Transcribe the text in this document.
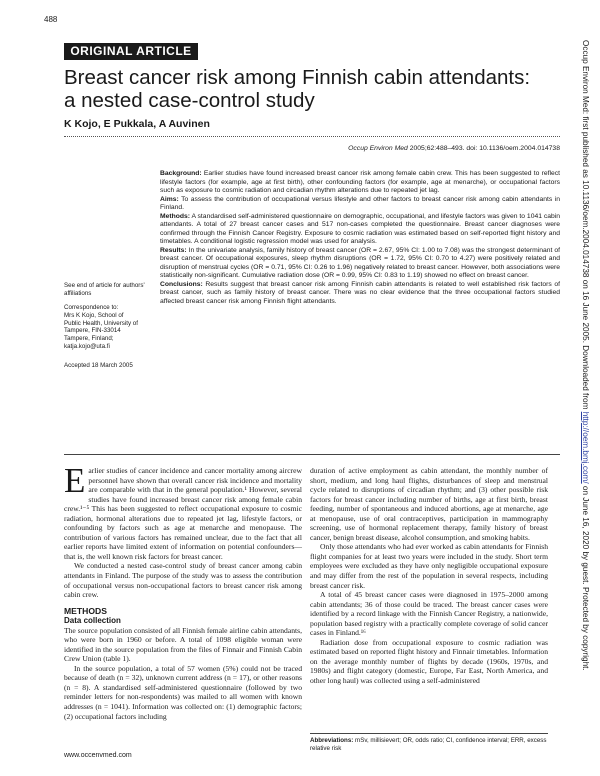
488
ORIGINAL ARTICLE
Breast cancer risk among Finnish cabin attendants: a nested case-control study
K Kojo, E Pukkala, A Auvinen
Occup Environ Med 2005;62:488–493. doi: 10.1136/oem.2004.014738

See end of article for authors' affiliations

Correspondence to:

Mrs K Kojo, School of

Public Health, University of

Tampere, FIN-33014

Tampere, Finland;

katja.kojo@uta.fi

Accepted 18 March 2005

Background: Earlier studies have found increased breast cancer risk among female cabin crew. This has been suggested to reflect lifestyle factors (for example, age at first birth), other confounding factors (for example, age at menarche), or occupational factors such as exposure to cosmic radiation and circadian rhythm alterations due to repeated jet lag.

Aims: To assess the contribution of occupational versus lifestyle and other factors to breast cancer risk among cabin attendants in Finland.

Methods: A standardised self-administered questionnaire on demographic, occupational, and lifestyle factors was given to 1041 cabin attendants. A total of 27 breast cancer cases and 517 non-cases completed the questionnaire. Breast cancer diagnoses were confirmed through the Finnish Cancer Registry. Exposure to cosmic radiation was estimated based on self-reported flight history and timetables. A conditional logistic regression model was used for analysis.

Results: In the univariate analysis, family history of breast cancer (OR = 2.67, 95% CI: 1.00 to 7.08) was the strongest determinant of breast cancer. Of occupational exposures, sleep rhythm disruptions (OR = 1.72, 95% CI: 0.70 to 4.27) were positively related and disruption of menstrual cycles (OR = 0.71, 95% CI: 0.26 to 1.96) negatively related to breast cancer. However, both associations were statistically non-significant. Cumulative radiation dose (OR = 0.99, 95% CI: 0.83 to 1.19) showed no effect on breast cancer.

Conclusions: Results suggest that breast cancer risk among Finnish cabin attendants is related to well established risk factors of breast cancer, such as family history of breast cancer. There was no clear evidence that the three occupational factors studied affected breast cancer risk among Finnish flight attendants.

Earlier studies of cancer incidence and cancer mortality among aircrew personnel have shown that overall cancer risk incidence and mortality are comparable with that in the general population.¹ However, several studies have found increased breast cancer risk among female cabin crew.¹⁻⁵ This has been suggested to reflect occupational exposure to cosmic radiation, hormonal alterations due to repeated jet lag, lifestyle factors, or confounding by factors such as age at menarche and menopause. The contribution of various factors has remained unclear, due to the fact that all earlier reports have limited extent of information on potential confounders—that is, the well known risk factors for breast cancer.

We conducted a nested case-control study of breast cancer among cabin attendants in Finland. The purpose of the study was to assess the contribution of occupational versus non-occupational factors to breast cancer risk among cabin crew.

METHODS
Data collection

The source population consisted of all Finnish female airline cabin attendants, who were born in 1960 or before. A total of 1098 eligible woman were identified in the source population from the files of Finnair and Finnish Cabin Crew Union (table 1).

In the source population, a total of 57 women (5%) could not be traced because of death (n = 32), unknown current address (n = 17), or other reasons (n = 8). A standardised self-administered questionnaire (followed by two reminder letters for non-respondents) was mailed to all women with known addresses (n = 1041). Information was collected on: (1) demographic factors; (2) occupational factors including

duration of active employment as cabin attendant, the monthly number of short, medium, and long haul flights, disturbances of sleep and menstrual cycle related to disruptions of circadian rhythm; and (3) other possible risk factors for breast cancer including number of births, age at first birth, breast feeding, number of spontaneous and induced abortions, age at menarche, age at menopause, use of oral contraceptives, participation in mammography screening, use of hormonal replacement therapy, family history of breast cancer, benign breast disease, alcohol consumption, and smoking habits.

Only those attendants who had ever worked as cabin attendants for Finnish flight companies for at least two years were included in the study. Short term employees were excluded as they have only negligible occupational exposure and may differ from the rest of the population in several respects, including breast cancer risk.

A total of 45 breast cancer cases were diagnosed in 1975–2000 among cabin attendants; 36 of those could be traced. The breast cancer cases were identified by a record linkage with the Finnish Cancer Registry, a nationwide, population based registry with a practically complete coverage of solid cancer cases in Finland.¹⁶

Radiation dose from occupational exposure to cosmic radiation was estimated based on reported flight history and Finnair timetables. Information on the average monthly number of flights by decade (1960s, 1970s, and 1980s) and flight category (domestic, Europe, Far East, North America, and other long haul) was collected using a self-administered

Abbreviations: mSv, millisievert; OR, odds ratio; CI, confidence interval; ERR, excess relative risk
www.occenvmed.com
Occup Environ Med: first published as 10.1136/oem.2004.014738 on 16 June 2005. Downloaded from http://oem.bmj.com/ on June 16, 2020 by guest. Protected by copyright.
